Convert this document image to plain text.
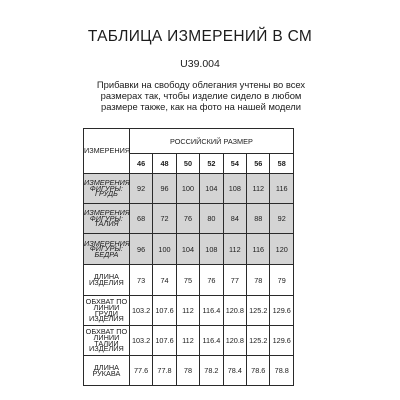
ТАБЛИЦА ИЗМЕРЕНИЙ В СМ
U39.004
Прибавки на свободу облегания учтены во всех размерах так, чтобы изделие сидело в любом размере также, как на фото на нашей модели
ИЗМЕРЕНИЯ	РОССИЙСКИЙ РАЗМЕР						
	46	48	50	52	54	56	58
ИЗМЕРЕНИЯ ФИГУРЫ: ГРУДЬ	92	96	100	104	108	112	116
ИЗМЕРЕНИЯ ФИГУРЫ: ТАЛИЯ	68	72	76	80	84	88	92
ИЗМЕРЕНИЯ ФИГУРЫ: БЕДРА	96	100	104	108	112	116	120
ДЛИНА ИЗДЕЛИЯ	73	74	75	76	77	78	79
ОБХВАТ ПО ЛИНИИ ГРУДИ ИЗДЕЛИЯ	103.2	107.6	112	116.4	120.8	125.2	129.6
ОБХВАТ ПО ЛИНИИ ТАЛИИ ИЗДЕЛИЯ	103.2	107.6	112	116.4	120.8	125.2	129.6
ДЛИНА РУКАВА	77.6	77.8	78	78.2	78.4	78.6	78.8
